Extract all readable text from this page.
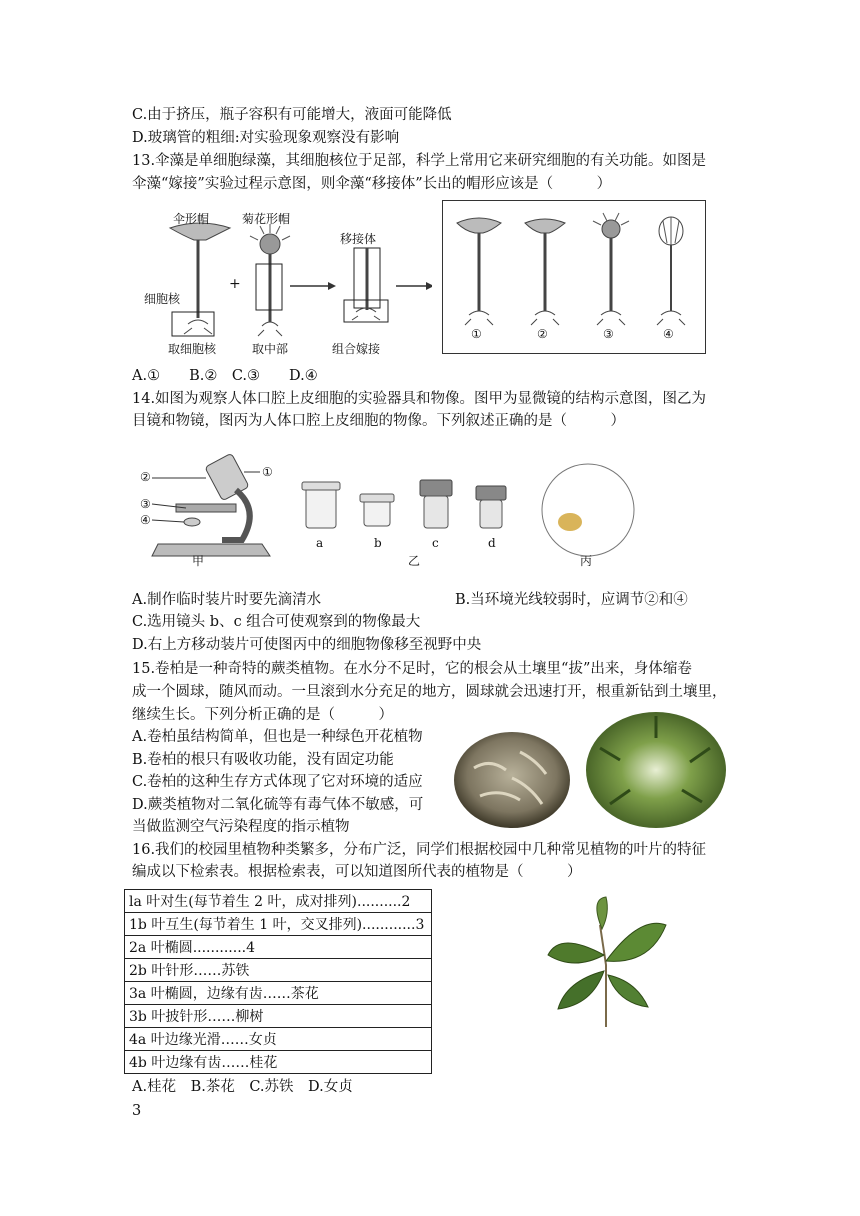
C.由于挤压，瓶子容积有可能增大，液面可能降低
D.玻璃管的粗细:对实验现象观察没有影响
13.伞藻是单细胞绿藻，其细胞核位于足部，科学上常用它来研究细胞的有关功能。如图是
伞藻“嫁接”实验过程示意图，则伞藻“移接体”长出的帽形应该是（　　　）
伞形帽	菊花形帽
移接体
细胞核
+
取细胞核	取中部	组合嫁接
①	②	③	④
A.①　　B.②　C.③　　D.④
14.如图为观察人体口腔上皮细胞的实验器具和物像。图甲为显微镜的结构示意图，图乙为
目镜和物镜，图丙为人体口腔上皮细胞的物像。下列叙述正确的是（　　　）
②
③
④
①
a	b	c	d
甲	乙	丙
A.制作临时装片时要先滴清水	B.当环境光线较弱时，应调节②和④
C.选用镜头 b、c 组合可使观察到的物像最大
D.右上方移动装片可使图丙中的细胞物像移至视野中央
15.卷柏是一种奇特的蕨类植物。在水分不足时，它的根会从土壤里“拔”出来，身体缩卷
成一个圆球，随风而动。一旦滚到水分充足的地方，圆球就会迅速打开，根重新钻到土壤里，
继续生长。下列分析正确的是（　　　）
A.卷柏虽结构简单，但也是一种绿色开花植物
B.卷柏的根只有吸收功能，没有固定功能
C.卷柏的这种生存方式体现了它对环境的适应
D.蕨类植物对二氧化硫等有毒气体不敏感，可
当做监测空气污染程度的指示植物
16.我们的校园里植物种类繁多，分布广泛，同学们根据校园中几种常见植物的叶片的特征
编成以下检索表。根据检索表，可以知道图所代表的植物是（　　　）
la 叶对生(每节着生 2 叶，成对排列)..........2
1b 叶互生(每节着生 1 叶，交叉排列)............3
2a 叶椭圆............4
2b 叶针形……苏铁
3a 叶椭圆，边缘有齿……茶花
3b 叶披针形……柳树
4a 叶边缘光滑……女贞
4b 叶边缘有齿……桂花
A.桂花　B.茶花　C.苏铁　D.女贞
3
